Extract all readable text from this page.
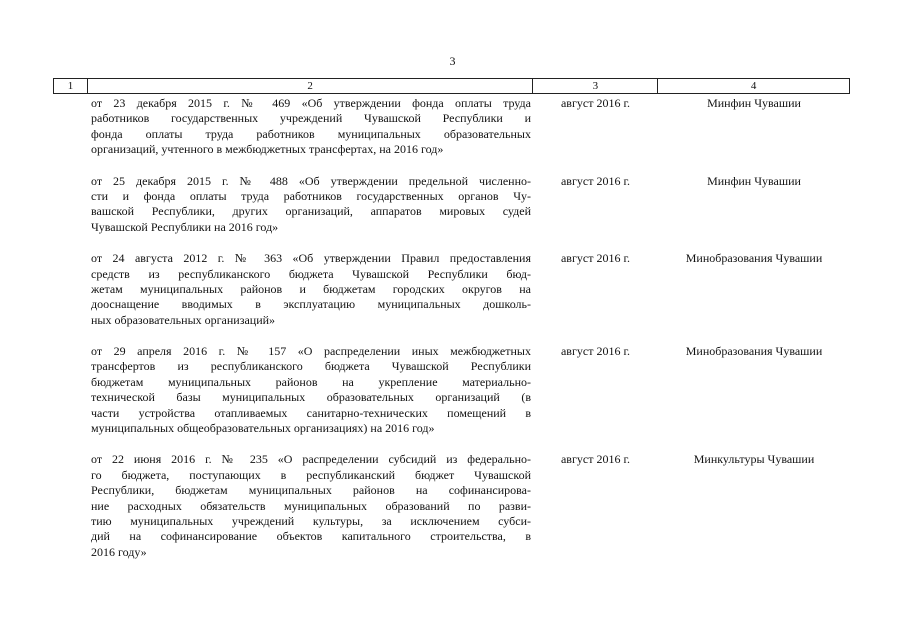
3
1	2	3	4
от 23 декабря 2015 г. № 469 «Об утверждении фонда оплаты труда
работников государственных учреждений Чувашской Республики и
фонда оплаты труда работников муниципальных образовательных
организаций, учтенного в межбюджетных трансфертах, на 2016 год»
август 2016 г.	Минфин Чувашии
от 25 декабря 2015 г. № 488 «Об утверждении предельной численно-
сти и фонда оплаты труда работников государственных органов Чу-
вашской Республики, других организаций, аппаратов мировых судей
Чувашской Республики на 2016 год»
август 2016 г.	Минфин Чувашии
от 24 августа 2012 г. № 363 «Об утверждении Правил предоставления
средств из республиканского бюджета Чувашской Республики бюд-
жетам муниципальных районов и бюджетам городских округов на
дооснащение вводимых в эксплуатацию муниципальных дошколь-
ных образовательных организаций»
август 2016 г.	Минобразования Чувашии
от 29 апреля 2016 г. № 157 «О распределении иных межбюджетных
трансфертов из республиканского бюджета Чувашской Республики
бюджетам муниципальных районов на укрепление материально-
технической базы муниципальных образовательных организаций (в
части устройства отапливаемых санитарно-технических помещений в
муниципальных общеобразовательных организациях) на 2016 год»
август 2016 г.	Минобразования Чувашии
от 22 июня 2016 г. № 235 «О распределении субсидий из федерально-
го бюджета, поступающих в республиканский бюджет Чувашской
Республики, бюджетам муниципальных районов на софинансирова-
ние расходных обязательств муниципальных образований по разви-
тию муниципальных учреждений культуры, за исключением субси-
дий на софинансирование объектов капитального строительства, в
2016 году»
август 2016 г.	Минкультуры Чувашии
